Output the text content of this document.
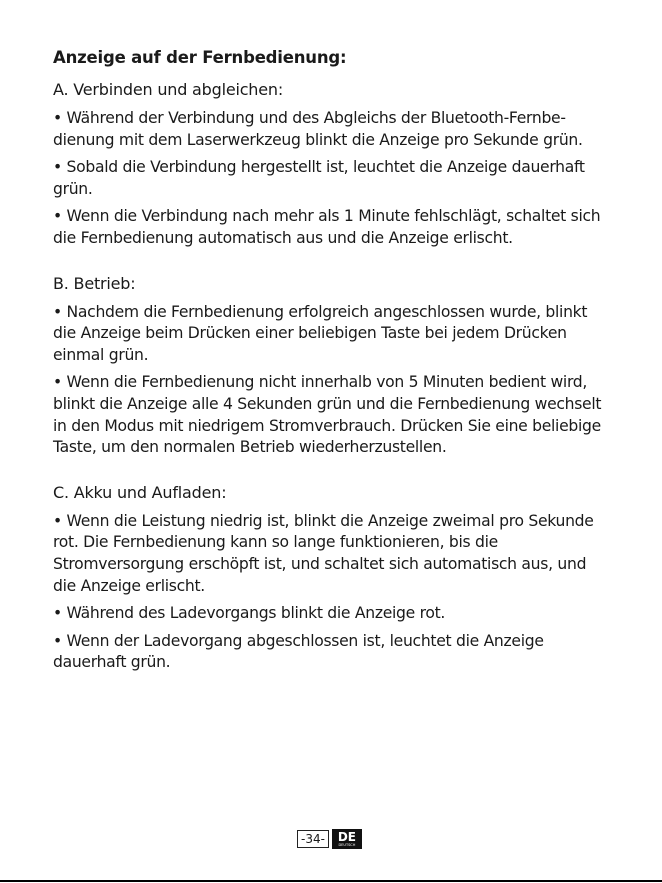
Anzeige auf der Fernbedienung:
A. Verbinden und abgleichen:

• Während der Verbindung und des Abgleichs der Bluetooth-Fernbe-dienung mit dem Laserwerkzeug blinkt die Anzeige pro Sekunde grün.

• Sobald die Verbindung hergestellt ist, leuchtet die Anzeige dauerhaft grün.

• Wenn die Verbindung nach mehr als 1 Minute fehlschlägt, schaltet sich die Fernbedienung automatisch aus und die Anzeige erlischt.

B. Betrieb:

• Nachdem die Fernbedienung erfolgreich angeschlossen wurde, blinkt die Anzeige beim Drücken einer beliebigen Taste bei jedem Drücken einmal grün.

• Wenn die Fernbedienung nicht innerhalb von 5 Minuten bedient wird, blinkt die Anzeige alle 4 Sekunden grün und die Fernbedienung wechselt in den Modus mit niedrigem Stromverbrauch. Drücken Sie eine beliebige Taste, um den normalen Betrieb wiederherzustellen.

C. Akku und Aufladen:

• Wenn die Leistung niedrig ist, blinkt die Anzeige zweimal pro Sekunde rot. Die Fernbedienung kann so lange funktionieren, bis die Stromversorgung erschöpft ist, und schaltet sich automatisch aus, und die Anzeige erlischt.

• Während des Ladevorgangs blinkt die Anzeige rot.

• Wenn der Ladevorgang abgeschlossen ist, leuchtet die Anzeige dauerhaft grün.

-34-	DE
DEUTSCH
